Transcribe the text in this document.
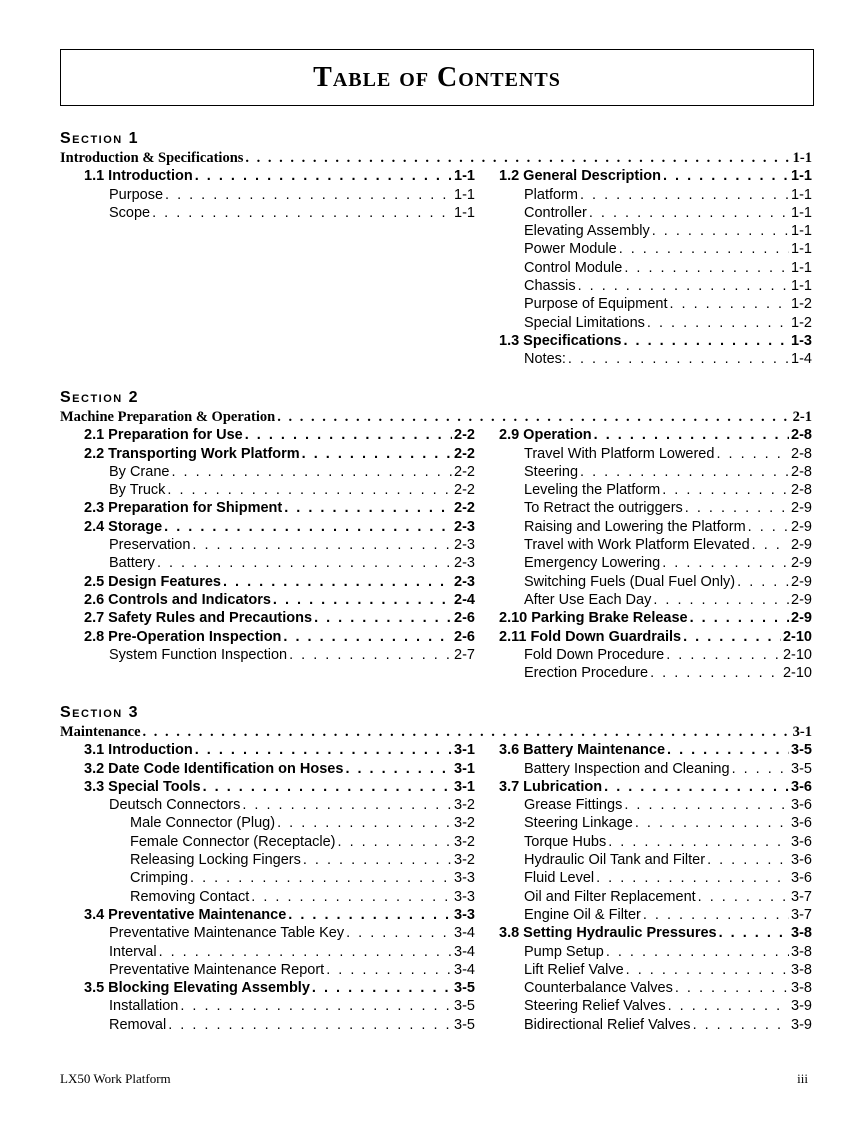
Table of Contents
Section 1
Introduction & Specifications . . .	1-1
1.1 Introduction . . .	1-1
Purpose . . .	1-1
Scope . . .	1-1
1.2 General Description . . .	1-1
Platform . . .	1-1
Controller . . .	1-1
Elevating Assembly . . .	1-1
Power Module . . .	1-1
Control Module . . .	1-1
Chassis . . .	1-1
Purpose of Equipment . . .	1-2
Special Limitations . . .	1-2
1.3 Specifications . . .	1-3
Notes: . . .	1-4
Section 2
Machine Preparation & Operation . . .	2-1
2.1 Preparation for Use . . .	2-2
2.2 Transporting Work Platform . . .	2-2
By Crane . . .	2-2
By Truck . . .	2-2
2.3 Preparation for Shipment . . .	2-2
2.4 Storage . . .	2-3
Preservation . . .	2-3
Battery . . .	2-3
2.5 Design Features . . .	2-3
2.6 Controls and Indicators . . .	2-4
2.7 Safety Rules and Precautions . . .	2-6
2.8 Pre-Operation Inspection . . .	2-6
System Function Inspection . . .	2-7
2.9 Operation . . .	2-8
Travel With Platform Lowered . . .	2-8
Steering . . .	2-8
Leveling the Platform . . .	2-8
To Retract the outriggers . . .	2-9
Raising and Lowering the Platform . . .	2-9
Travel with Work Platform Elevated . . .	2-9
Emergency Lowering . . .	2-9
Switching Fuels (Dual Fuel Only) . . .	2-9
After Use Each Day . . .	2-9
2.10 Parking Brake Release . . .	2-9
2.11 Fold Down Guardrails . . .	2-10
Fold Down Procedure . . .	2-10
Erection Procedure . . .	2-10
Section 3
Maintenance . . .	3-1
3.1 Introduction . . .	3-1
3.2 Date Code Identification on Hoses . . .	3-1
3.3 Special Tools . . .	3-1
Deutsch Connectors . . .	3-2
Male Connector (Plug) . . .	3-2
Female Connector (Receptacle) . . .	3-2
Releasing Locking Fingers . . .	3-2
Crimping . . .	3-3
Removing Contact . . .	3-3
3.4 Preventative Maintenance . . .	3-3
Preventative Maintenance Table Key . . .	3-4
Interval . . .	3-4
Preventative Maintenance Report . . .	3-4
3.5 Blocking Elevating Assembly . . .	3-5
Installation . . .	3-5
Removal . . .	3-5
3.6 Battery Maintenance . . .	3-5
Battery Inspection and Cleaning . . .	3-5
3.7 Lubrication . . .	3-6
Grease Fittings . . .	3-6
Steering Linkage . . .	3-6
Torque Hubs . . .	3-6
Hydraulic Oil Tank and Filter . . .	3-6
Fluid Level . . .	3-6
Oil and Filter Replacement . . .	3-7
Engine Oil & Filter . . .	3-7
3.8 Setting Hydraulic Pressures . . .	3-8
Pump Setup . . .	3-8
Lift Relief Valve . . .	3-8
Counterbalance Valves . . .	3-8
Steering Relief Valves . . .	3-9
Bidirectional Relief Valves . . .	3-9
LX50 Work Platform	iii
